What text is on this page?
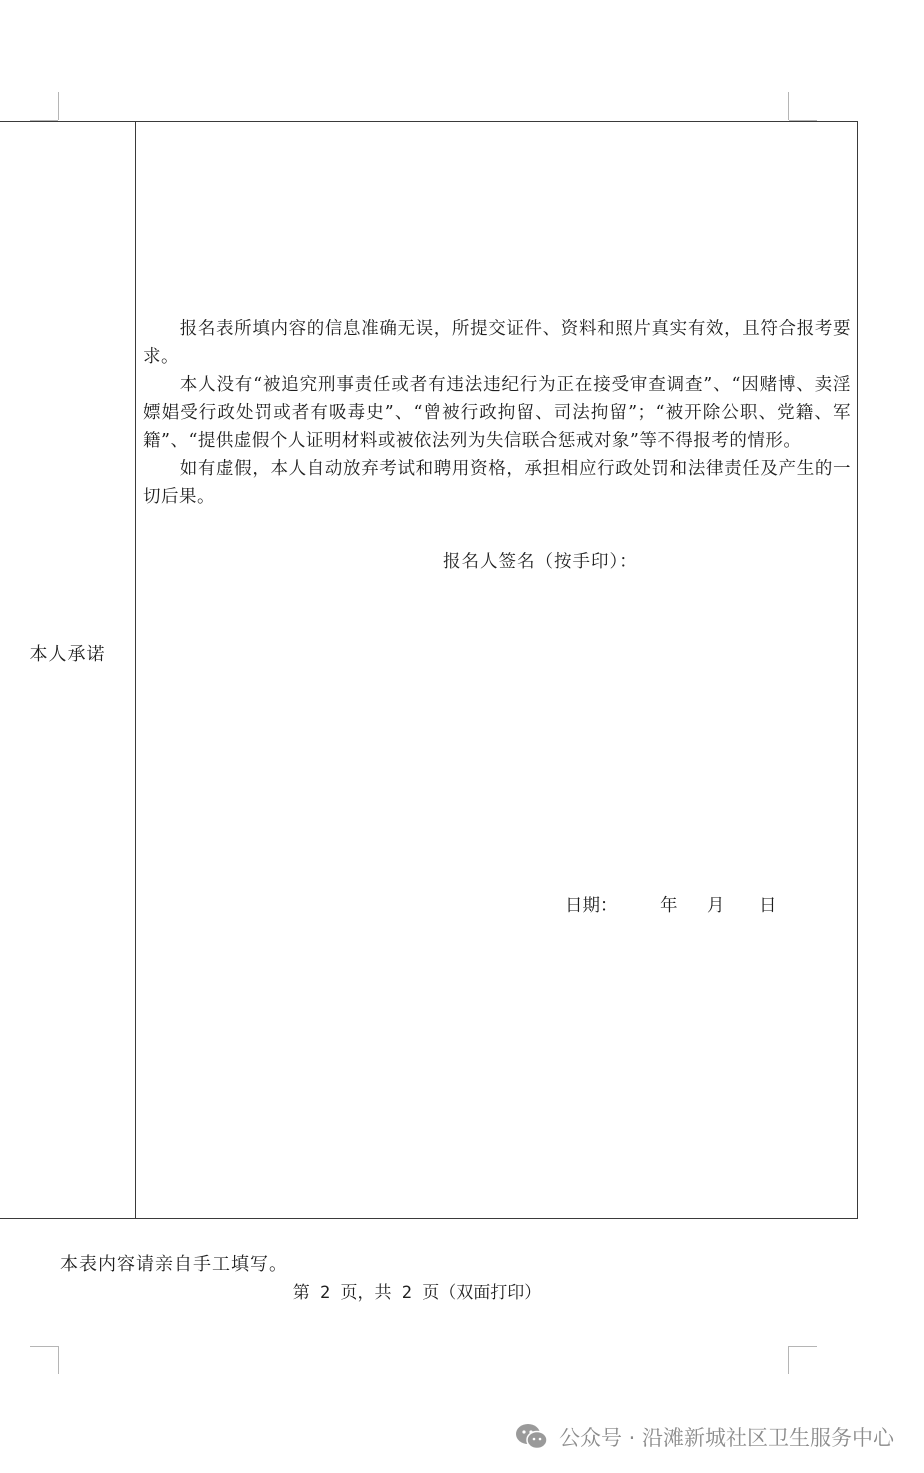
本人承诺

报名表所填内容的信息准确无误，所提交证件、资料和照片真实有效，且符合报考要求。

本人没有“被追究刑事责任或者有违法违纪行为正在接受审查调查”、“因赌博、卖淫嫖娼受行政处罚或者有吸毒史”、“曾被行政拘留、司法拘留”；“被开除公职、党籍、军籍”、“提供虚假个人证明材料或被依法列为失信联合惩戒对象”等不得报考的情形。

如有虚假，本人自动放弃考试和聘用资格，承担相应行政处罚和法律责任及产生的一切后果。

报名人签名（按手印）：
日期：	年	月	日
本表内容请亲自手工填写。
第 2 页，共 2 页（双面打印）
公众号 · 沿滩新城社区卫生服务中心
